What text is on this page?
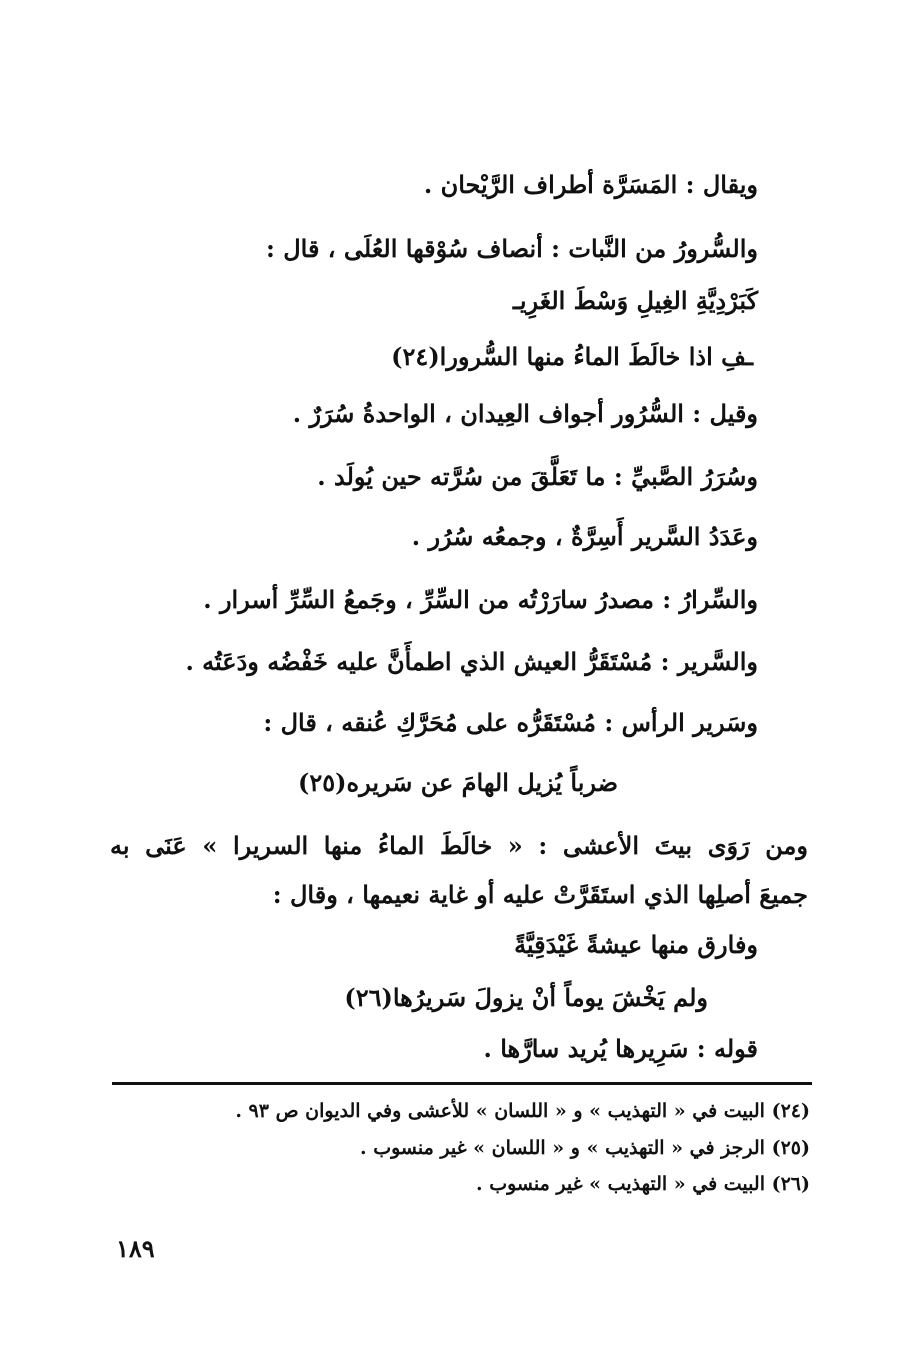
ويقال : المَسَرَّة أطراف الرَّيْحان .
والسُّرورُ من النَّبات : أنصاف سُوْقها العُلَى ، قال :
كَبَرْدِيَّةِ الغِيلِ وَسْطَ الغَرِيـ
ـفِ اذا خالَطَ الماءُ منها السُّرورا(٢٤)
وقيل : السُّرُور أجواف العِيدان ، الواحدةُ سُرَرٌ .
وسُرَرُ الصَّبيِّ : ما تَعَلَّقَ من سُرَّته حين يُولَد .
وعَدَدُ السَّرير أَسِرَّةٌ ، وجمعُه سُرُر .
والسِّرارُ : مصدرُ سارَرْتُه من السِّرِّ ، وجَمعُ السِّرِّ أسرار .
والسَّرير : مُسْتَقَرُّ العيش الذي اطمأَنَّ عليه خَفْضُه ودَعَتُه .
وسَرير الرأس : مُسْتَقَرُّه على مُحَرَّكِ عُنقه ، قال :
ضرباً يُزيل الهامَ عن سَريره(٢٥)
ومن رَوَى بيتَ الأعشى : « خالَطَ الماءُ منها السريرا » عَنَى به
جميعَ أصلِها الذي استَقَرَّتْ عليه أو غاية نعيمها ، وقال :
وفارق منها عيشةً غَيْدَقِيَّةً
ولم يَخْشَ يوماً أنْ يزولَ سَريرُها(٢٦)
قوله : سَرِيرها يُريد سارَّها .
(٢٤) البيت في « التهذيب » و « اللسان » للأعشى وفي الديوان ص ٩٣ .
(٢٥) الرجز في « التهذيب » و « اللسان » غير منسوب .
(٢٦) البيت في « التهذيب » غير منسوب .
١٨٩
